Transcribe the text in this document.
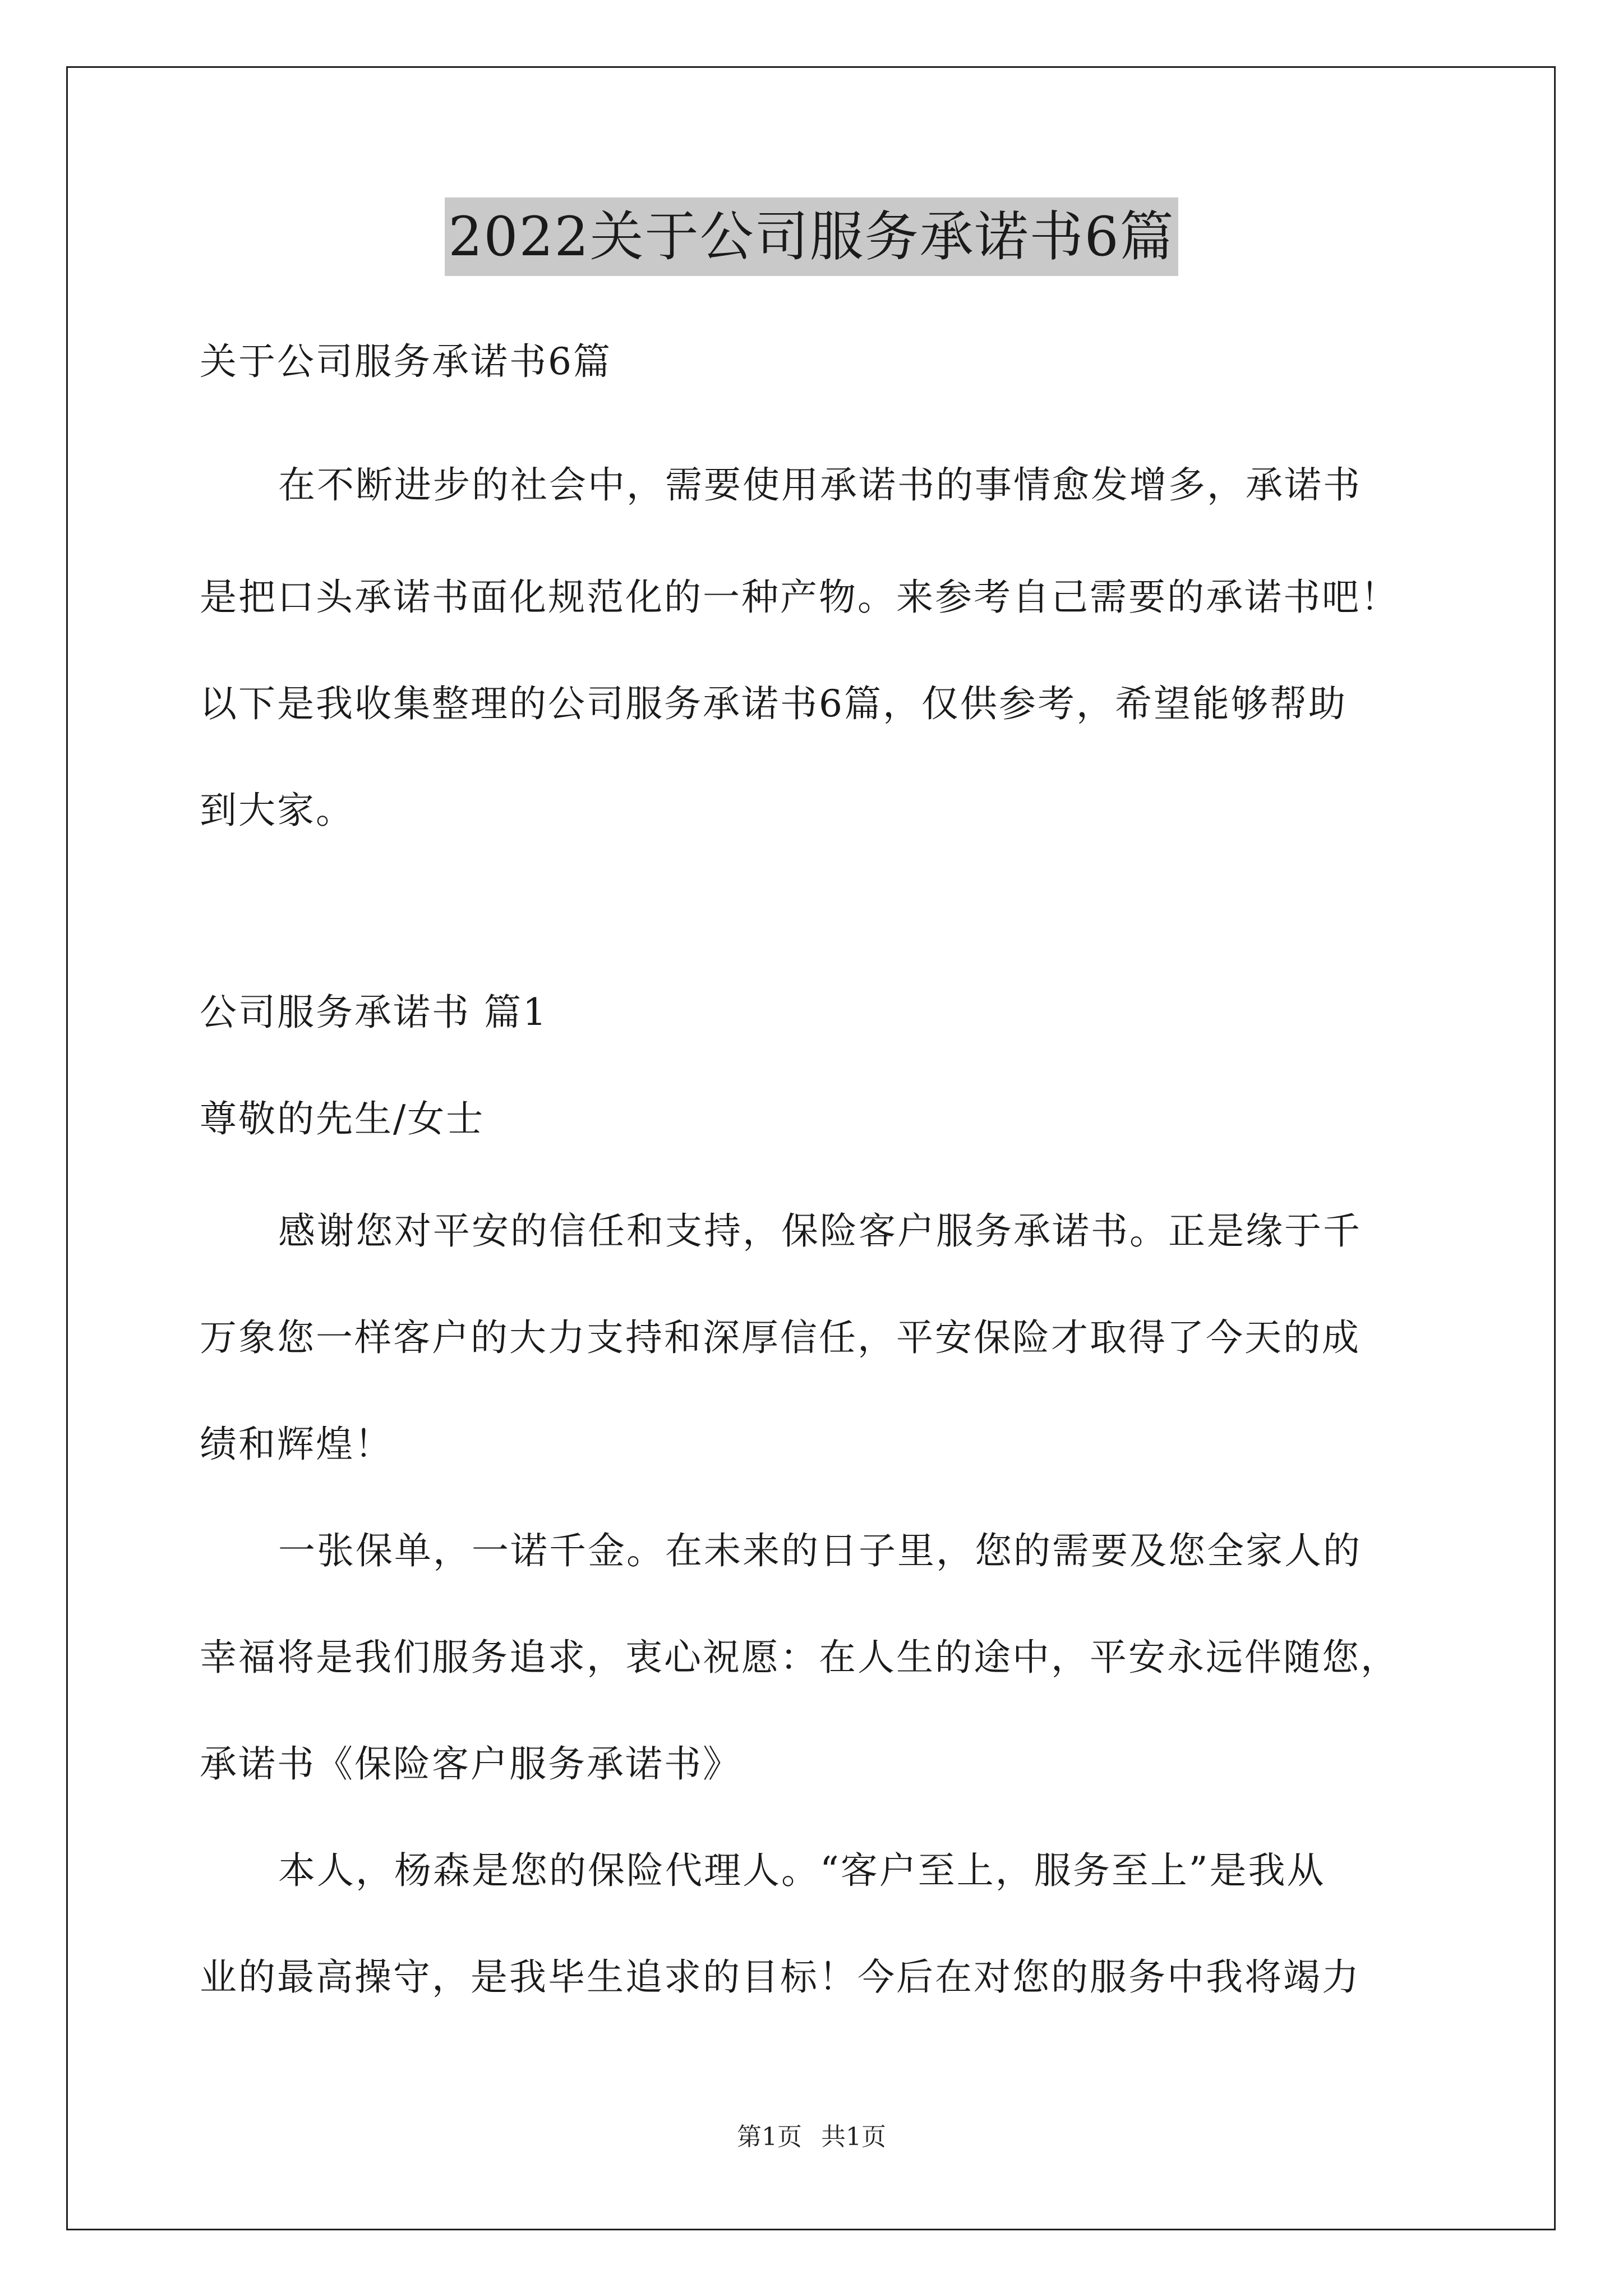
2022关于公司服务承诺书6篇
关于公司服务承诺书6篇
在不断进步的社会中，需要使用承诺书的事情愈发增多，承诺书
是把口头承诺书面化规范化的一种产物。来参考自己需要的承诺书吧！
以下是我收集整理的公司服务承诺书6篇，仅供参考，希望能够帮助
到大家。
公司服务承诺书 篇1
尊敬的先生/女士
感谢您对平安的信任和支持，保险客户服务承诺书。正是缘于千
万象您一样客户的大力支持和深厚信任，平安保险才取得了今天的成
绩和辉煌！
一张保单，一诺千金。在未来的日子里，您的需要及您全家人的
幸福将是我们服务追求，衷心祝愿：在人生的途中，平安永远伴随您，
承诺书《保险客户服务承诺书》
本人，杨森是您的保险代理人。“客户至上，服务至上”是我从
业的最高操守，是我毕生追求的目标！今后在对您的服务中我将竭力
第1页 共1页
